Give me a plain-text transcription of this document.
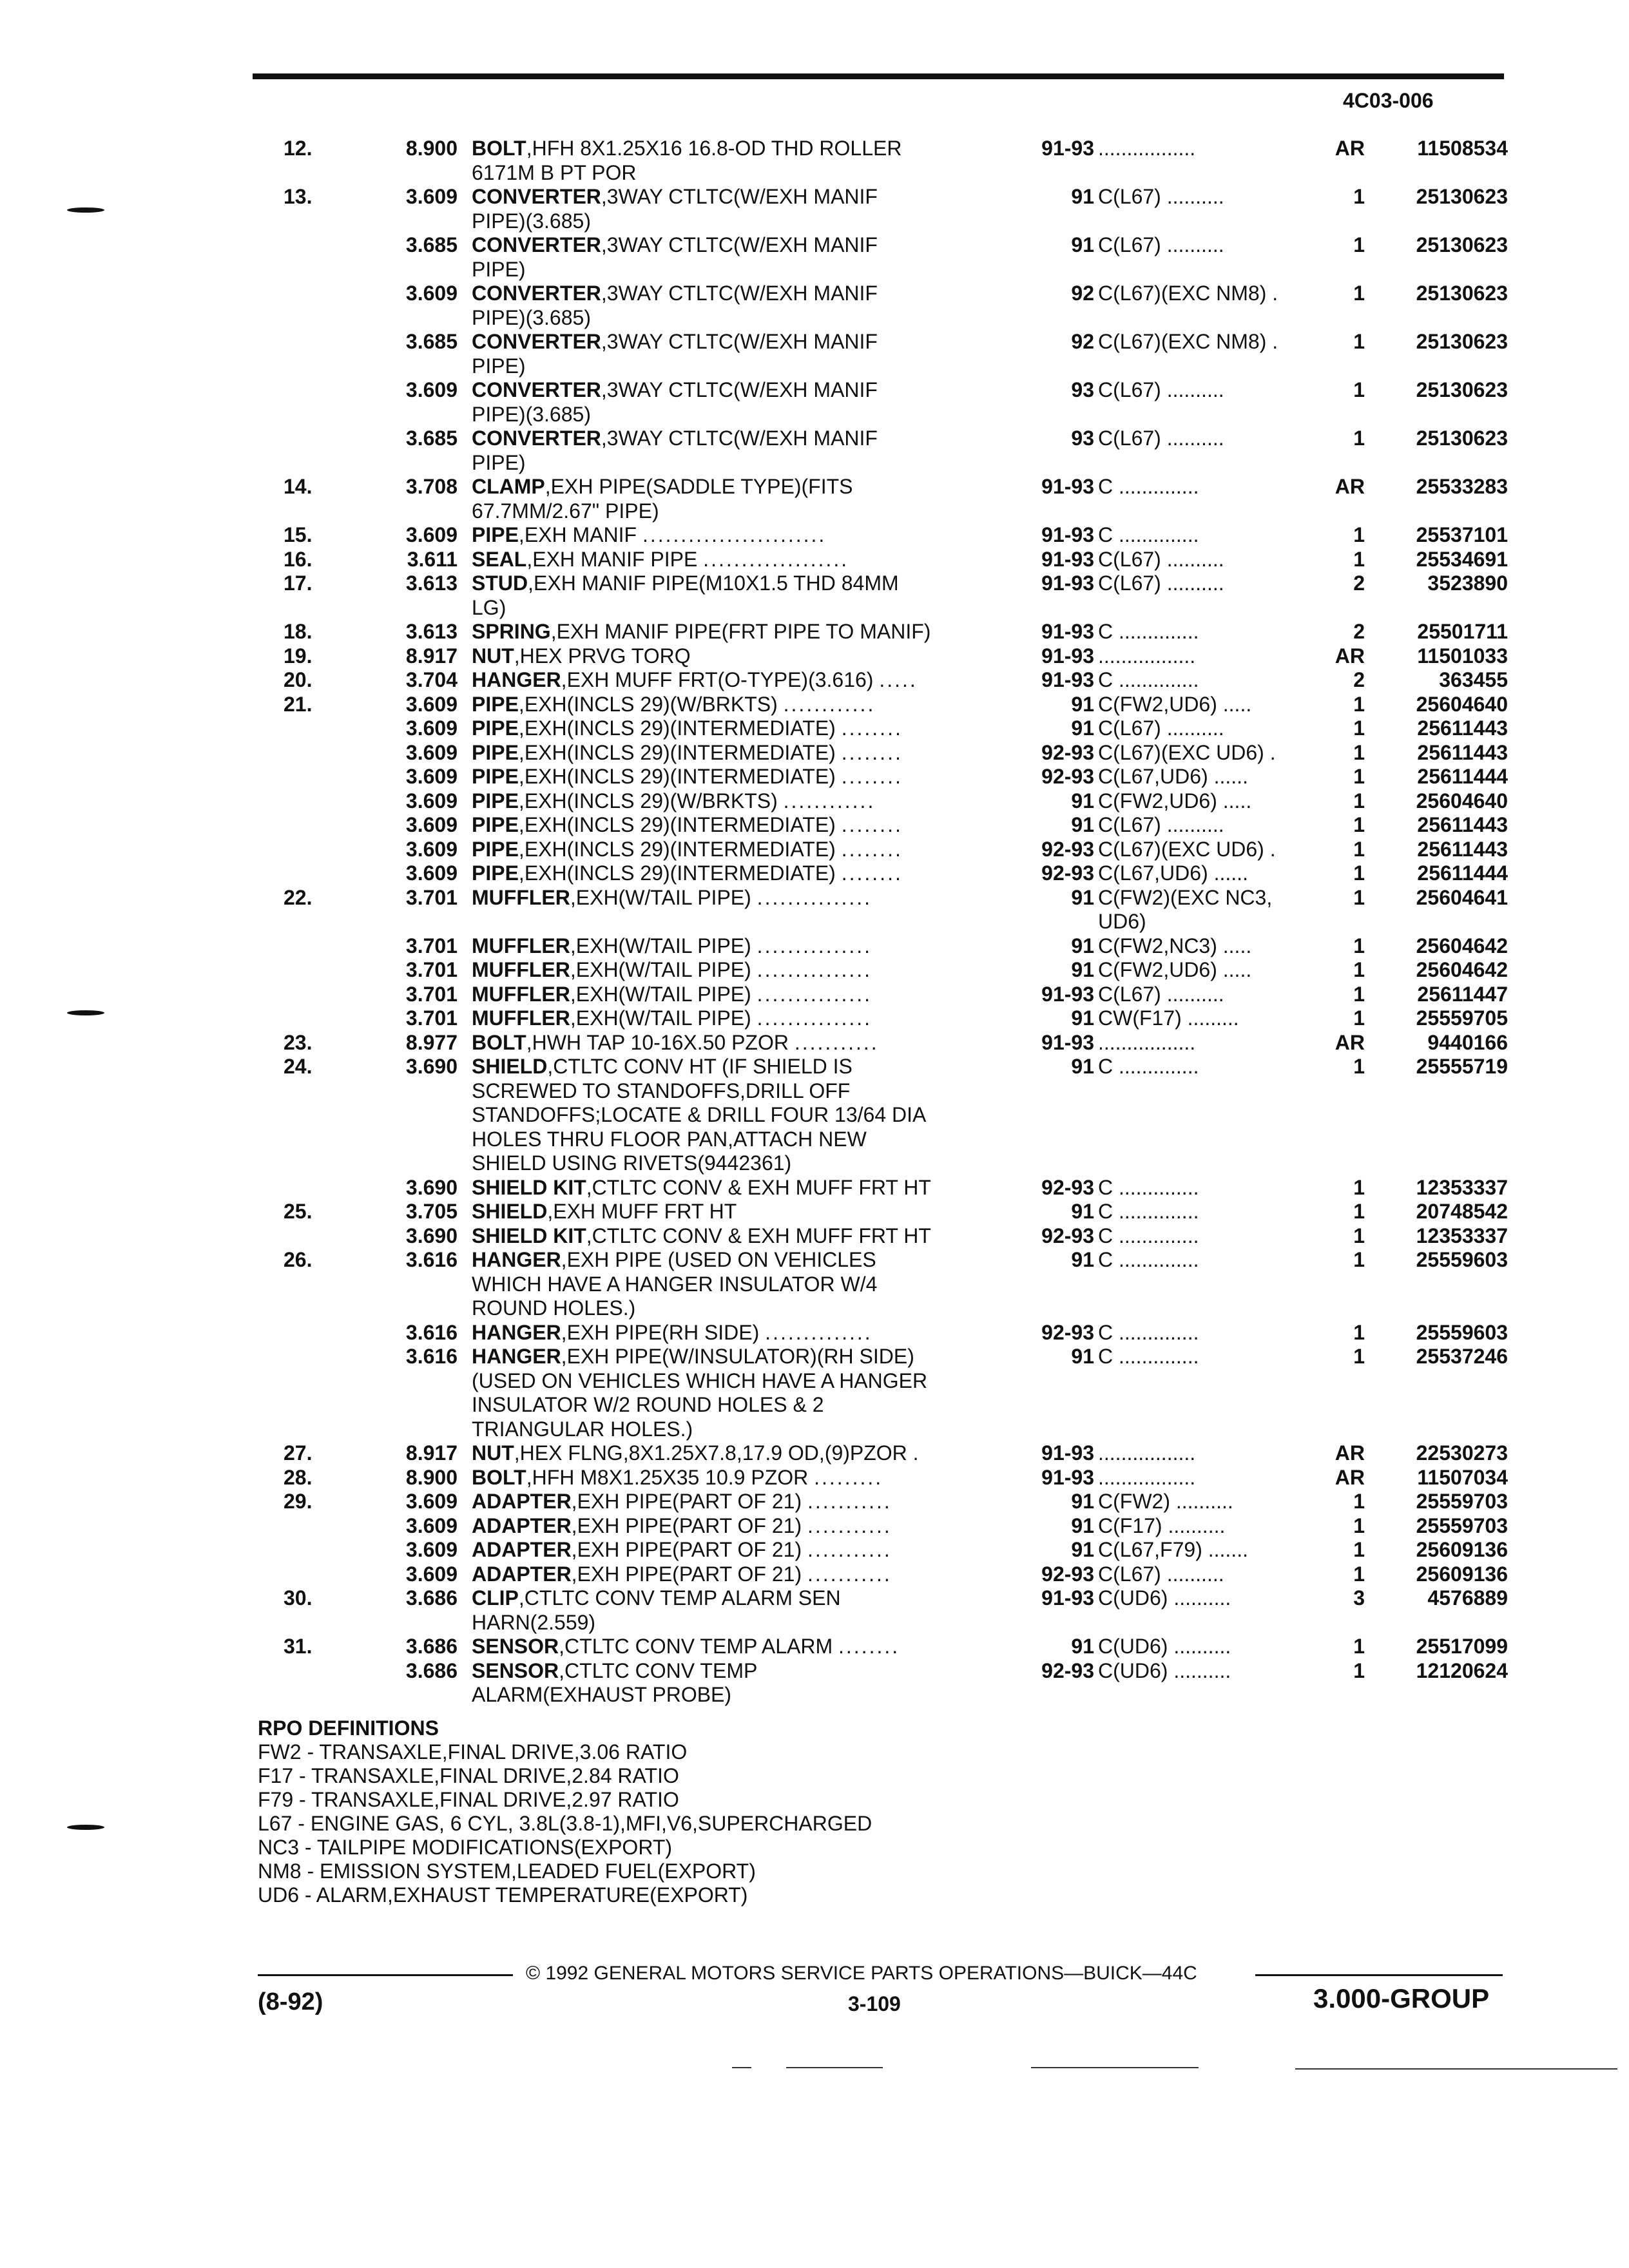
4C03-006
12.	8.900 BOLT,HFH 8X1.25X16 16.8-OD THD ROLLER	91-93 .................	AR	11508534
6171M B PT POR
13.	3.609 CONVERTER,3WAY CTLTC(W/EXH MANIF	91 C(L67) ..........	1	25130623
PIPE)(3.685)
3.685 CONVERTER,3WAY CTLTC(W/EXH MANIF	91 C(L67) ..........	1	25130623
PIPE)
3.609 CONVERTER,3WAY CTLTC(W/EXH MANIF	92 C(L67)(EXC NM8) .	1	25130623
PIPE)(3.685)
3.685 CONVERTER,3WAY CTLTC(W/EXH MANIF	92 C(L67)(EXC NM8) .	1	25130623
PIPE)
3.609 CONVERTER,3WAY CTLTC(W/EXH MANIF	93 C(L67) ..........	1	25130623
PIPE)(3.685)
3.685 CONVERTER,3WAY CTLTC(W/EXH MANIF	93 C(L67) ..........	1	25130623
PIPE)
14.	3.708 CLAMP,EXH PIPE(SADDLE TYPE)(FITS	91-93 C ..............	AR	25533283
67.7MM/2.67" PIPE)
15.	3.609 PIPE,EXH MANIF ........................	91-93 C ..............	1	25537101
16.	3.611 SEAL,EXH MANIF PIPE ...................	91-93 C(L67) ..........	1	25534691
17.	3.613 STUD,EXH MANIF PIPE(M10X1.5 THD 84MM	91-93 C(L67) ..........	2	3523890
LG)
18.	3.613 SPRING,EXH MANIF PIPE(FRT PIPE TO MANIF)	91-93 C ..............	2	25501711
19.	8.917 NUT,HEX PRVG TORQ	91-93 .................	AR	11501033
20.	3.704 HANGER,EXH MUFF FRT(O-TYPE)(3.616) .....	91-93 C ..............	2	363455
21.	3.609 PIPE,EXH(INCLS 29)(W/BRKTS) ............	91 C(FW2,UD6) .....	1	25604640
3.609 PIPE,EXH(INCLS 29)(INTERMEDIATE) ........	91 C(L67) ..........	1	25611443
3.609 PIPE,EXH(INCLS 29)(INTERMEDIATE) ........	92-93 C(L67)(EXC UD6) .	1	25611443
3.609 PIPE,EXH(INCLS 29)(INTERMEDIATE) ........	92-93 C(L67,UD6) ......	1	25611444
3.609 PIPE,EXH(INCLS 29)(W/BRKTS) ............	91 C(FW2,UD6) .....	1	25604640
3.609 PIPE,EXH(INCLS 29)(INTERMEDIATE) ........	91 C(L67) ..........	1	25611443
3.609 PIPE,EXH(INCLS 29)(INTERMEDIATE) ........	92-93 C(L67)(EXC UD6) .	1	25611443
3.609 PIPE,EXH(INCLS 29)(INTERMEDIATE) ........	92-93 C(L67,UD6) ......	1	25611444
22.	3.701 MUFFLER,EXH(W/TAIL PIPE) ...............	91 C(FW2)(EXC NC3,	1	25604641
UD6)
3.701 MUFFLER,EXH(W/TAIL PIPE) ...............	91 C(FW2,NC3) .....	1	25604642
3.701 MUFFLER,EXH(W/TAIL PIPE) ...............	91 C(FW2,UD6) .....	1	25604642
3.701 MUFFLER,EXH(W/TAIL PIPE) ...............	91-93 C(L67) ..........	1	25611447
3.701 MUFFLER,EXH(W/TAIL PIPE) ...............	91 CW(F17) .........	1	25559705
23.	8.977 BOLT,HWH TAP 10-16X.50 PZOR ...........	91-93 .................	AR	9440166
24.	3.690 SHIELD,CTLTC CONV HT (IF SHIELD IS	91 C ..............	1	25555719
SCREWED TO STANDOFFS,DRILL OFF
STANDOFFS;LOCATE & DRILL FOUR 13/64 DIA
HOLES THRU FLOOR PAN,ATTACH NEW
SHIELD USING RIVETS(9442361)
3.690 SHIELD KIT,CTLTC CONV & EXH MUFF FRT HT	92-93 C ..............	1	12353337
25.	3.705 SHIELD,EXH MUFF FRT HT	91 C ..............	1	20748542
3.690 SHIELD KIT,CTLTC CONV & EXH MUFF FRT HT	92-93 C ..............	1	12353337
26.	3.616 HANGER,EXH PIPE (USED ON VEHICLES	91 C ..............	1	25559603
WHICH HAVE A HANGER INSULATOR W/4
ROUND HOLES.)
3.616 HANGER,EXH PIPE(RH SIDE) ..............	92-93 C ..............	1	25559603
3.616 HANGER,EXH PIPE(W/INSULATOR)(RH SIDE)	91 C ..............	1	25537246
(USED ON VEHICLES WHICH HAVE A HANGER
INSULATOR W/2 ROUND HOLES & 2
TRIANGULAR HOLES.)
27.	8.917 NUT,HEX FLNG,8X1.25X7.8,17.9 OD,(9)PZOR .	91-93 .................	AR	22530273
28.	8.900 BOLT,HFH M8X1.25X35 10.9 PZOR .........	91-93 .................	AR	11507034
29.	3.609 ADAPTER,EXH PIPE(PART OF 21) ...........	91 C(FW2) ..........	1	25559703
3.609 ADAPTER,EXH PIPE(PART OF 21) ...........	91 C(F17) ..........	1	25559703
3.609 ADAPTER,EXH PIPE(PART OF 21) ...........	91 C(L67,F79) .......	1	25609136
3.609 ADAPTER,EXH PIPE(PART OF 21) ...........	92-93 C(L67) ..........	1	25609136
30.	3.686 CLIP,CTLTC CONV TEMP ALARM SEN	91-93 C(UD6) ..........	3	4576889
HARN(2.559)
31.	3.686 SENSOR,CTLTC CONV TEMP ALARM ........	91 C(UD6) ..........	1	25517099
3.686 SENSOR,CTLTC CONV TEMP	92-93 C(UD6) ..........	1	12120624
ALARM(EXHAUST PROBE)
RPO DEFINITIONS
FW2 - TRANSAXLE,FINAL DRIVE,3.06 RATIO
F17 - TRANSAXLE,FINAL DRIVE,2.84 RATIO
F79 - TRANSAXLE,FINAL DRIVE,2.97 RATIO
L67 - ENGINE GAS, 6 CYL, 3.8L(3.8-1),MFI,V6,SUPERCHARGED
NC3 - TAILPIPE MODIFICATIONS(EXPORT)
NM8 - EMISSION SYSTEM,LEADED FUEL(EXPORT)
UD6 - ALARM,EXHAUST TEMPERATURE(EXPORT)
© 1992 GENERAL MOTORS SERVICE PARTS OPERATIONS—BUICK—44C
(8-92)	3-109	3.000-GROUP
